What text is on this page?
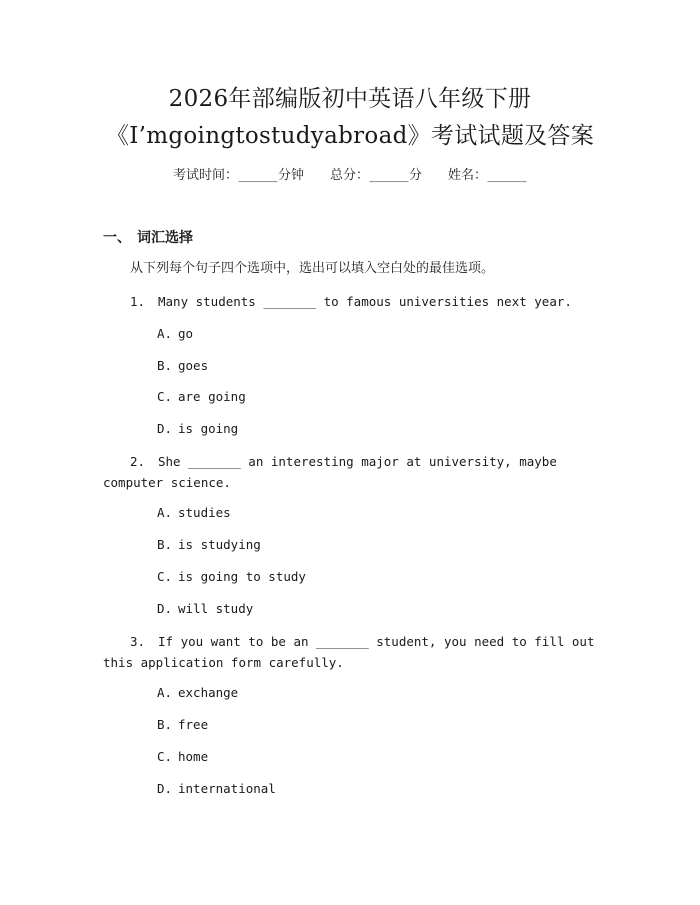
2026年部编版初中英语八年级下册
《I’mgoingtostudyabroad》考试试题及答案
考试时间：______分钟 总分：______分 姓名：______
一、 词汇选择
从下列每个句子四个选项中，选出可以填入空白处的最佳选项。
1. Many students _______ to famous universities next year.
A. go
B. goes
C. are going
D. is going
2. She _______ an interesting major at university, maybe computer science.
A. studies
B. is studying
C. is going to study
D. will study
3. If you want to be an _______ student, you need to fill out this application form carefully.
A. exchange
B. free
C. home
D. international
